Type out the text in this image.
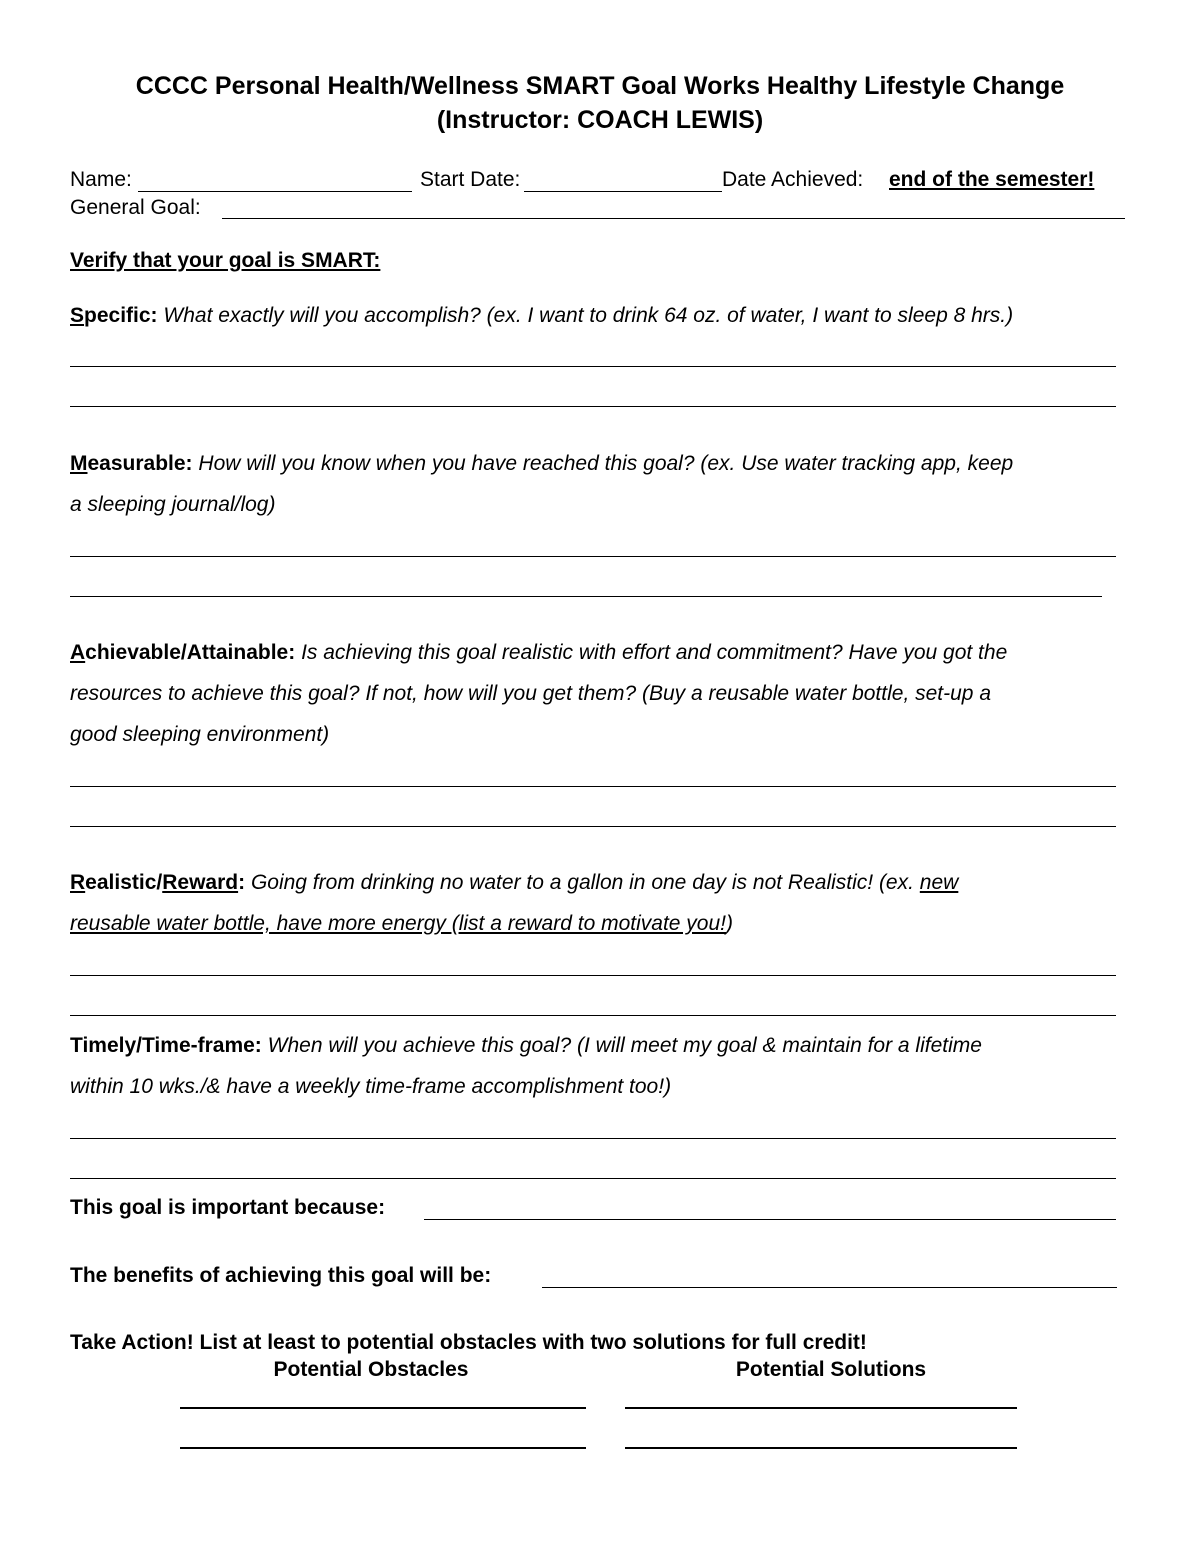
CCCC Personal Health/Wellness SMART Goal Works Healthy Lifestyle Change
(Instructor: COACH LEWIS)
Name:	Start Date:	Date Achieved: end of the semester!
General Goal:
Verify that your goal is SMART:
Specific: What exactly will you accomplish? (ex. I want to drink 64 oz. of water, I want to sleep 8 hrs.)
Measurable: How will you know when you have reached this goal? (ex. Use water tracking app, keep
a sleeping journal/log)
Achievable/Attainable: Is achieving this goal realistic with effort and commitment? Have you got the
resources to achieve this goal? If not, how will you get them? (Buy a reusable water bottle, set-up a
good sleeping environment)
Realistic/Reward: Going from drinking no water to a gallon in one day is not Realistic! (ex. new
reusable water bottle, have more energy (list a reward to motivate you!)
Timely/Time-frame: When will you achieve this goal? (I will meet my goal & maintain for a lifetime
within 10 wks./& have a weekly time-frame accomplishment too!)
This goal is important because:
The benefits of achieving this goal will be:
Take Action! List at least to potential obstacles with two solutions for full credit!
Potential Obstacles	Potential Solutions
